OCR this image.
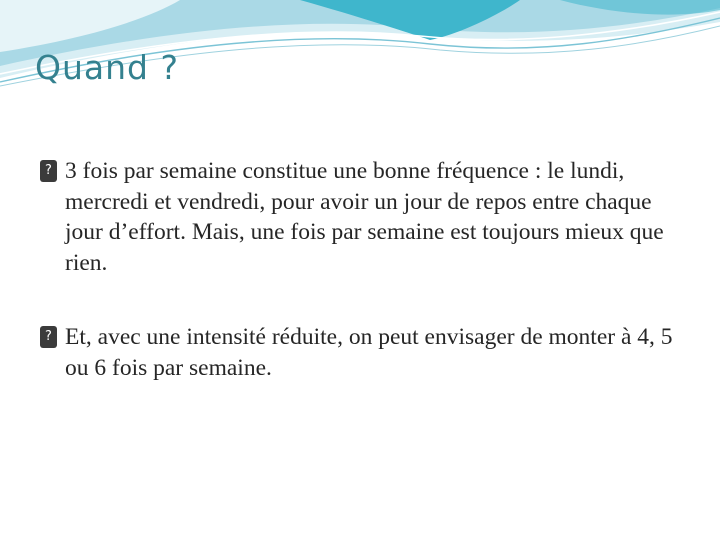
Quand ?
? 3 fois par semaine constitue une bonne fréquence : le lundi, mercredi et vendredi, pour avoir un jour de repos entre chaque jour d’effort. Mais, une fois par semaine est toujours mieux que rien.
? Et, avec une intensité réduite, on peut envisager de monter à 4, 5 ou 6 fois par semaine.
